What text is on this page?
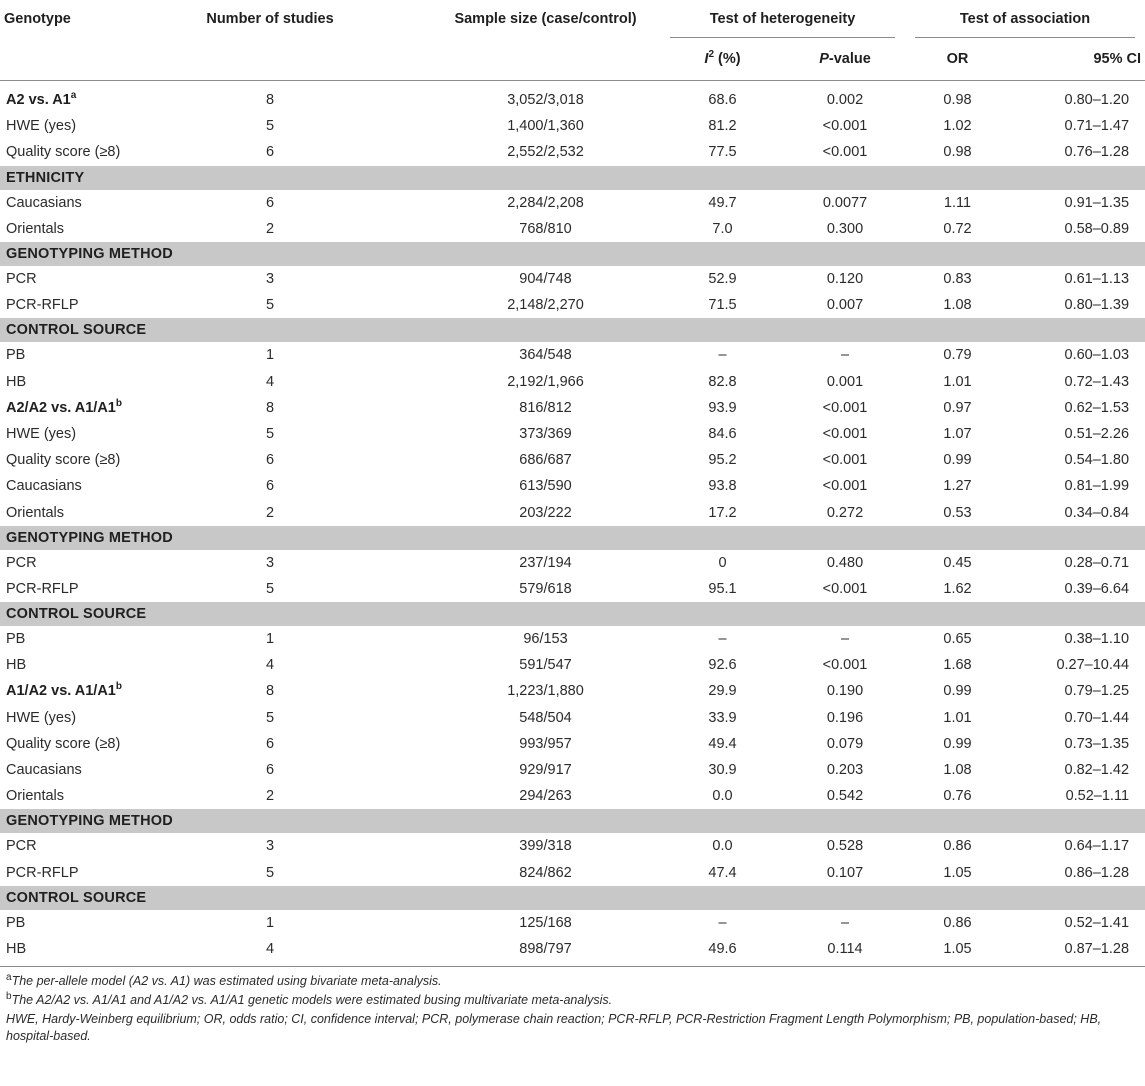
Genotype	Number of studies	Sample size (case/control)	Test of heterogeneity		Test of association	
			$I^2$ (%)	P-value	OR	95% CI
A2 vs. A1$^a$	8	3,052/3,018	68.6	0.002	0.98	0.80–1.20
HWE (yes)	5	1,400/1,360	81.2	<0.001	1.02	0.71–1.47
Quality score (≥8)	6	2,552/2,532	77.5	<0.001	0.98	0.76–1.28
ETHNICITY						
Caucasians	6	2,284/2,208	49.7	0.0077	1.11	0.91–1.35
Orientals	2	768/810	7.0	0.300	0.72	0.58–0.89
GENOTYPING METHOD						
PCR	3	904/748	52.9	0.120	0.83	0.61–1.13
PCR-RFLP	5	2,148/2,270	71.5	0.007	1.08	0.80–1.39
CONTROL SOURCE						
PB	1	364/548	–	–	0.79	0.60–1.03
HB	4	2,192/1,966	82.8	0.001	1.01	0.72–1.43
A2/A2 vs. A1/A1$^b$	8	816/812	93.9	<0.001	0.97	0.62–1.53
HWE (yes)	5	373/369	84.6	<0.001	1.07	0.51–2.26
Quality score (≥8)	6	686/687	95.2	<0.001	0.99	0.54–1.80
Caucasians	6	613/590	93.8	<0.001	1.27	0.81–1.99
Orientals	2	203/222	17.2	0.272	0.53	0.34–0.84
GENOTYPING METHOD						
PCR	3	237/194	0	0.480	0.45	0.28–0.71
PCR-RFLP	5	579/618	95.1	<0.001	1.62	0.39–6.64
CONTROL SOURCE						
PB	1	96/153	–	–	0.65	0.38–1.10
HB	4	591/547	92.6	<0.001	1.68	0.27–10.44
A1/A2 vs. A1/A1$^b$	8	1,223/1,880	29.9	0.190	0.99	0.79–1.25
HWE (yes)	5	548/504	33.9	0.196	1.01	0.70–1.44
Quality score (≥8)	6	993/957	49.4	0.079	0.99	0.73–1.35
Caucasians	6	929/917	30.9	0.203	1.08	0.82–1.42
Orientals	2	294/263	0.0	0.542	0.76	0.52–1.11
GENOTYPING METHOD						
PCR	3	399/318	0.0	0.528	0.86	0.64–1.17
PCR-RFLP	5	824/862	47.4	0.107	1.05	0.86–1.28
CONTROL SOURCE						
PB	1	125/168	–	–	0.86	0.52–1.41
HB	4	898/797	49.6	0.114	1.05	0.87–1.28
$^a$The per-allele model (A2 vs. A1) was estimated using bivariate meta-analysis.
$^b$The A2/A2 vs. A1/A1 and A1/A2 vs. A1/A1 genetic models were estimated busing multivariate meta-analysis.
HWE, Hardy-Weinberg equilibrium; OR, odds ratio; CI, confidence interval; PCR, polymerase chain reaction; PCR-RFLP, PCR-Restriction Fragment Length Polymorphism; PB, population-based; HB, hospital-based.
